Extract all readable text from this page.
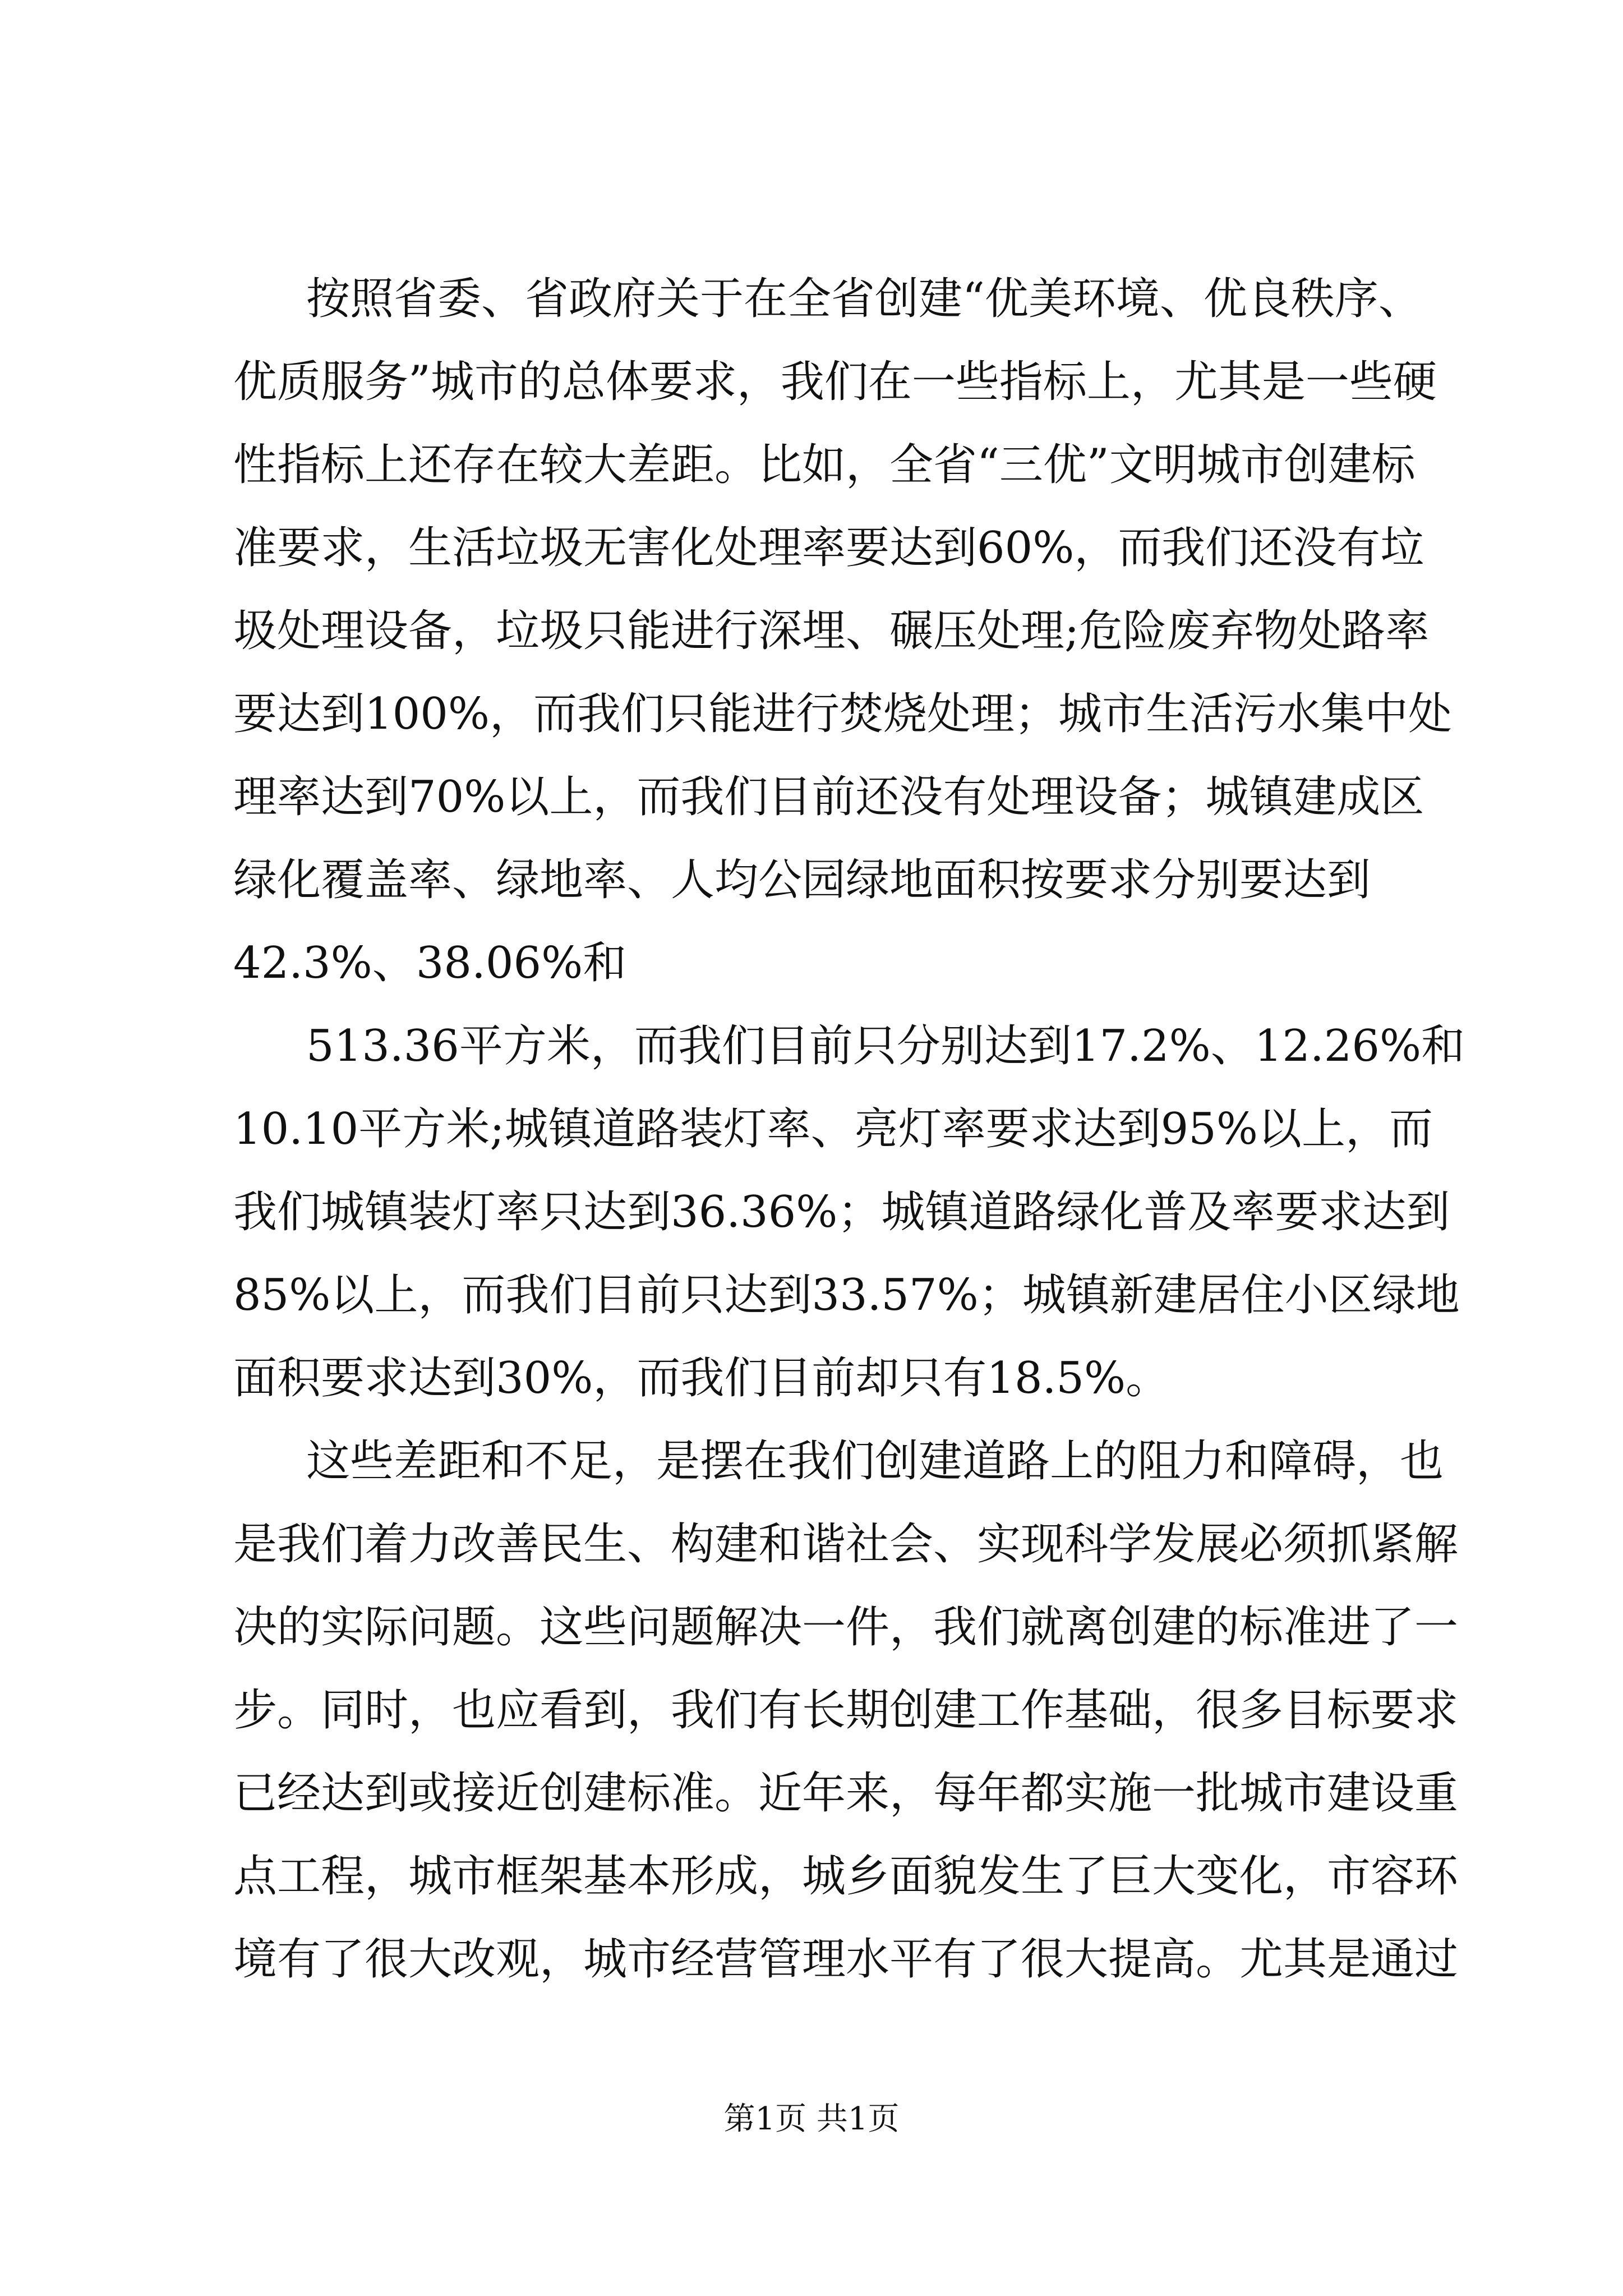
按照省委、省政府关于在全省创建“优美环境、优良秩序、
优质服务”城市的总体要求，我们在一些指标上，尤其是一些硬
性指标上还存在较大差距。比如，全省“三优”文明城市创建标
准要求，生活垃圾无害化处理率要达到60%，而我们还没有垃
圾处理设备，垃圾只能进行深埋、碾压处理;危险废弃物处路率
要达到100%，而我们只能进行焚烧处理；城市生活污水集中处
理率达到70%以上，而我们目前还没有处理设备；城镇建成区
绿化覆盖率、绿地率、人均公园绿地面积按要求分别要达到
42.3%、38.06%和
513.36平方米，而我们目前只分别达到17.2%、12.26%和
10.10平方米;城镇道路装灯率、亮灯率要求达到95%以上，而
我们城镇装灯率只达到36.36%；城镇道路绿化普及率要求达到
85%以上，而我们目前只达到33.57%；城镇新建居住小区绿地
面积要求达到30%，而我们目前却只有18.5%。
这些差距和不足，是摆在我们创建道路上的阻力和障碍，也
是我们着力改善民生、构建和谐社会、实现科学发展必须抓紧解
决的实际问题。这些问题解决一件，我们就离创建的标准进了一
步。同时，也应看到，我们有长期创建工作基础，很多目标要求
已经达到或接近创建标准。近年来，每年都实施一批城市建设重
点工程，城市框架基本形成，城乡面貌发生了巨大变化，市容环
境有了很大改观，城市经营管理水平有了很大提高。尤其是通过
第1页 共1页
